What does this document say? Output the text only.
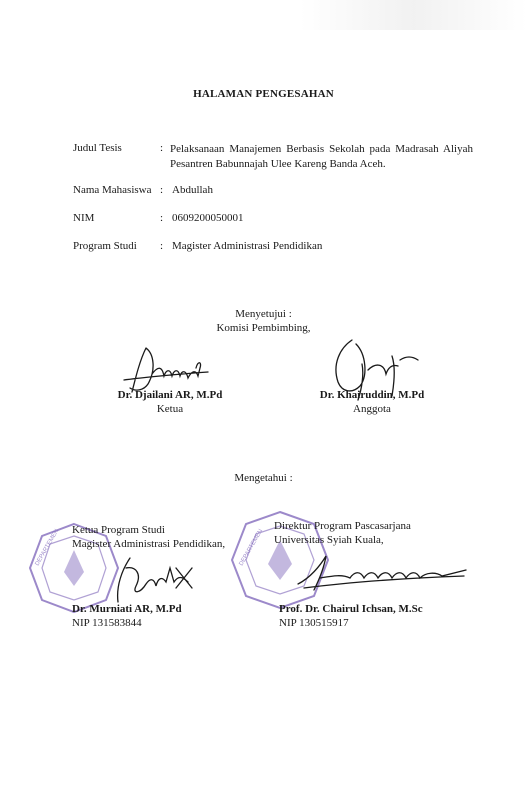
HALAMAN PENGESAHAN
Judul Tesis	: Pelaksanaan Manajemen Berbasis Sekolah pada Madrasah Aliyah Pesantren Babunnajah Ulee Kareng Banda Aceh.
Nama Mahasiswa : Abdullah
NIM	: 0609200050001
Program Studi : Magister Administrasi Pendidikan
Menyetujui :
Komisi Pembimbing,
Dr. Djailani AR, M.Pd
Ketua
Dr. Khairuddin, M.Pd
Anggota
Mengetahui :
DEPARTEMEN	DEPARTEMEN
Ketua Program Studi
Magister Administrasi Pendidikan,
Dr. Murniati AR, M.Pd
NIP 131583844
Direktur Program Pascasarjana
Universitas Syiah Kuala,
Prof. Dr. Chairul Ichsan, M.Sc
NIP 130515917
